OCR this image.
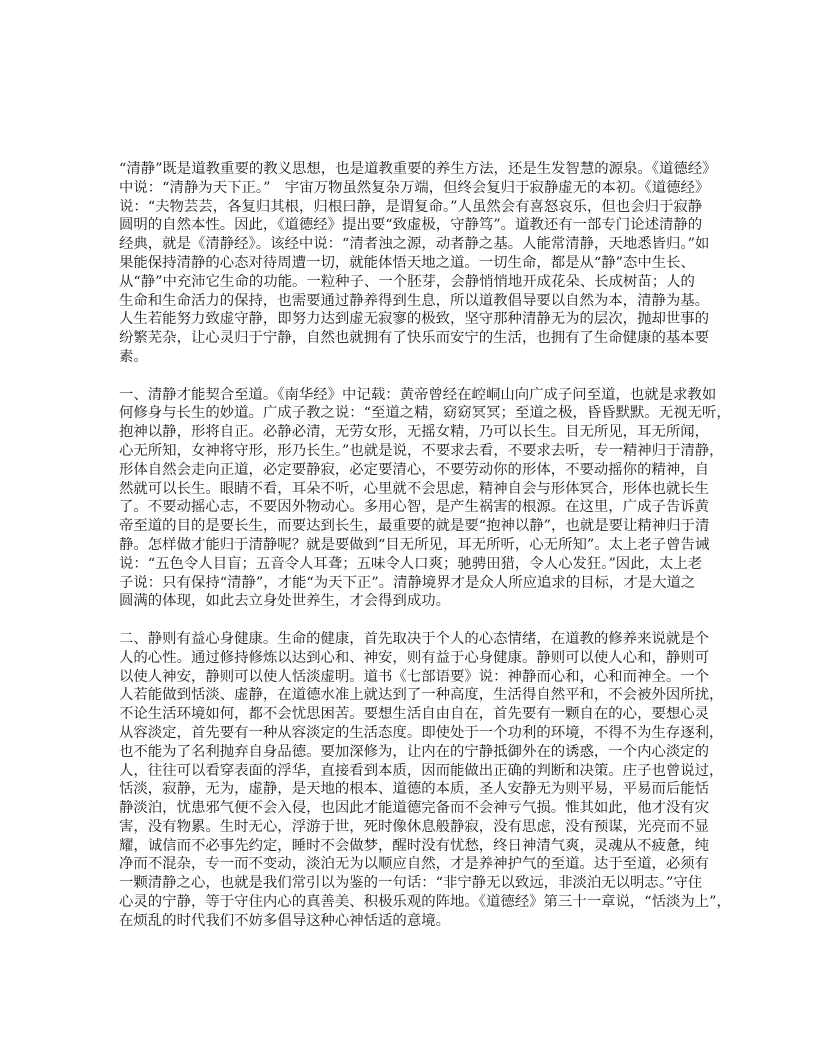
“清静”既是道教重要的教义思想，也是道教重要的养生方法，还是生发智慧的源泉。《道德经》
中说：“清静为天下正。”　宇宙万物虽然复杂万端，但终会复归于寂静虚无的本初。《道德经》
说：“夫物芸芸，各复归其根，归根曰静，是谓复命。”人虽然会有喜怒哀乐，但也会归于寂静
圆明的自然本性。因此，《道德经》提出要“致虚极，守静笃”。道教还有一部专门论述清静的
经典，就是《清静经》。该经中说：“清者浊之源，动者静之基。人能常清静，天地悉皆归。”如
果能保持清静的心态对待周遭一切，就能体悟天地之道。一切生命，都是从“静”态中生长、
从“静”中充沛它生命的功能。一粒种子、一个胚芽，会静悄悄地开成花朵、长成树苗；人的
生命和生命活力的保持，也需要通过静养得到生息，所以道教倡导要以自然为本，清静为基。
人生若能努力致虚守静，即努力达到虚无寂寥的极致，坚守那种清静无为的层次，抛却世事的
纷繁芜杂，让心灵归于宁静，自然也就拥有了快乐而安宁的生活，也拥有了生命健康的基本要
素。
一、清静才能契合至道。《南华经》中记载：黄帝曾经在崆峒山向广成子问至道，也就是求教如
何修身与长生的妙道。广成子教之说：“至道之精，窈窈冥冥；至道之极，昏昏默默。无视无听，
抱神以静，形将自正。必静必清，无劳女形，无摇女精，乃可以长生。目无所见，耳无所闻，
心无所知，女神将守形，形乃长生。”也就是说，不要求去看，不要求去听，专一精神归于清静，
形体自然会走向正道，必定要静寂，必定要清心，不要劳动你的形体，不要动摇你的精神，自
然就可以长生。眼睛不看，耳朵不听，心里就不会思虑，精神自会与形体冥合，形体也就长生
了。不要动摇心志，不要因外物动心。多用心智，是产生祸害的根源。在这里，广成子告诉黄
帝至道的目的是要长生，而要达到长生，最重要的就是要“抱神以静”，也就是要让精神归于清
静。怎样做才能归于清静呢？就是要做到“目无所见，耳无所听，心无所知”。太上老子曾告诫
说：“五色令人目盲；五音令人耳聋；五味令人口爽；驰骋田猎，令人心发狂。”因此，太上老
子说：只有保持“清静”，才能“为天下正”。清静境界才是众人所应追求的目标，才是大道之
圆满的体现，如此去立身处世养生，才会得到成功。
二、静则有益心身健康。生命的健康，首先取决于个人的心态情绪，在道教的修养来说就是个
人的心性。通过修持修炼以达到心和、神安，则有益于心身健康。静则可以使人心和，静则可
以使人神安，静则可以使人恬淡虚明。道书《七部语要》说：神静而心和，心和而神全。一个
人若能做到恬淡、虚静，在道德水准上就达到了一种高度，生活得自然平和，不会被外因所扰，
不论生活环境如何，都不会忧思困苦。要想生活自由自在，首先要有一颗自在的心，要想心灵
从容淡定，首先要有一种从容淡定的生活态度。即使处于一个功利的环境，不得不为生存逐利，
也不能为了名利抛弃自身品德。要加深修为，让内在的宁静抵御外在的诱惑，一个内心淡定的
人，往往可以看穿表面的浮华，直接看到本质，因而能做出正确的判断和决策。庄子也曾说过，
恬淡，寂静，无为，虚静，是天地的根本、道德的本质，圣人安静无为则平易，平易而后能恬
静淡泊，忧患邪气便不会入侵，也因此才能道德完备而不会神亏气损。惟其如此，他才没有灾
害，没有物累。生时无心，浮游于世，死时像休息般静寂，没有思虑，没有预谋，光亮而不显
耀，诚信而不必事先约定，睡时不会做梦，醒时没有忧愁，终日神清气爽，灵魂从不疲惫，纯
净而不混杂，专一而不变动，淡泊无为以顺应自然，才是养神护气的至道。达于至道，必须有
一颗清静之心，也就是我们常引以为鉴的一句话：“非宁静无以致远，非淡泊无以明志。”守住
心灵的宁静，等于守住内心的真善美、积极乐观的阵地。《道德经》第三十一章说，“恬淡为上”，
在烦乱的时代我们不妨多倡导这种心神恬适的意境。
